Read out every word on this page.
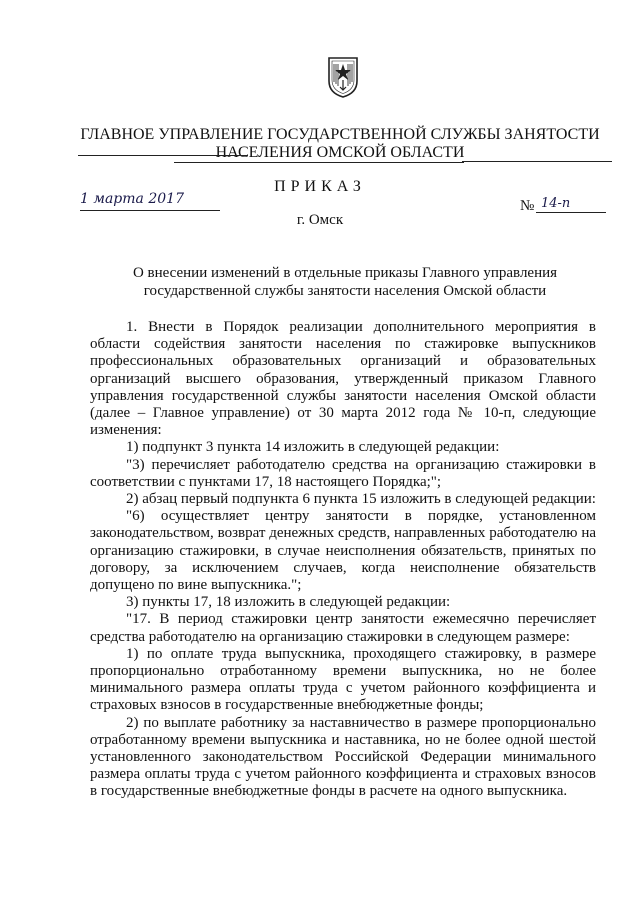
ГЛАВНОЕ УПРАВЛЕНИЕ ГОСУДАРСТВЕННОЙ СЛУЖБЫ ЗАНЯТОСТИ
НАСЕЛЕНИЯ ОМСКОЙ ОБЛАСТИ
ПРИКАЗ
1 марта 2017	№ 14-п
г. Омск
О внесении изменений в отдельные приказы Главного управления
государственной службы занятости населения Омской области

1. Внести в Порядок реализации дополнительного мероприятия в области содействия занятости населения по стажировке выпускников профессиональных образовательных организаций и образовательных организаций высшего образования, утвержденный приказом Главного управления государственной службы занятости населения Омской области (далее – Главное управление) от 30 марта 2012 года № 10-п, следующие изменения:

1) подпункт 3 пункта 14 изложить в следующей редакции:

"3) перечисляет работодателю средства на организацию стажировки в соответствии с пунктами 17, 18 настоящего Порядка;";

2) абзац первый подпункта 6 пункта 15 изложить в следующей редакции:

"6) осуществляет центру занятости в порядке, установленном законодательством, возврат денежных средств, направленных работодателю на организацию стажировки, в случае неисполнения обязательств, принятых по договору, за исключением случаев, когда неисполнение обязательств допущено по вине выпускника.";

3) пункты 17, 18 изложить в следующей редакции:

"17. В период стажировки центр занятости ежемесячно перечисляет средства работодателю на организацию стажировки в следующем размере:

1) по оплате труда выпускника, проходящего стажировку, в размере пропорционально отработанному времени выпускника, но не более минимального размера оплаты труда с учетом районного коэффициента и страховых взносов в государственные внебюджетные фонды;

2) по выплате работнику за наставничество в размере пропорционально отработанному времени выпускника и наставника, но не более одной шестой установленного законодательством Российской Федерации минимального размера оплаты труда с учетом районного коэффициента и страховых взносов в государственные внебюджетные фонды в расчете на одного выпускника.
